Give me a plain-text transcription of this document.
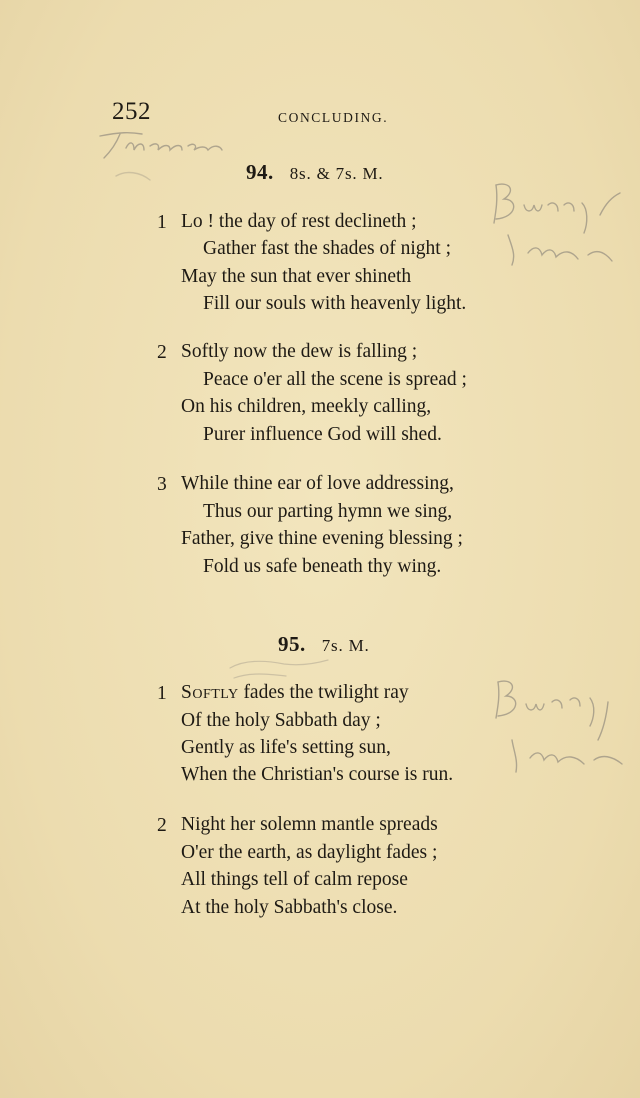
252	CONCLUDING.
94. 8s. & 7s. M.
1 Lo ! the day of rest declineth ;
Gather fast the shades of night ;
May the sun that ever shineth
Fill our souls with heavenly light.
2 Softly now the dew is falling ;
Peace o'er all the scene is spread ;
On his children, meekly calling,
Purer influence God will shed.
3 While thine ear of love addressing,
Thus our parting hymn we sing,
Father, give thine evening blessing ;
Fold us safe beneath thy wing.
95. 7s. M.
1 Softly fades the twilight ray
Of the holy Sabbath day ;
Gently as life's setting sun,
When the Christian's course is run.
2 Night her solemn mantle spreads
O'er the earth, as daylight fades ;
All things tell of calm repose
At the holy Sabbath's close.
